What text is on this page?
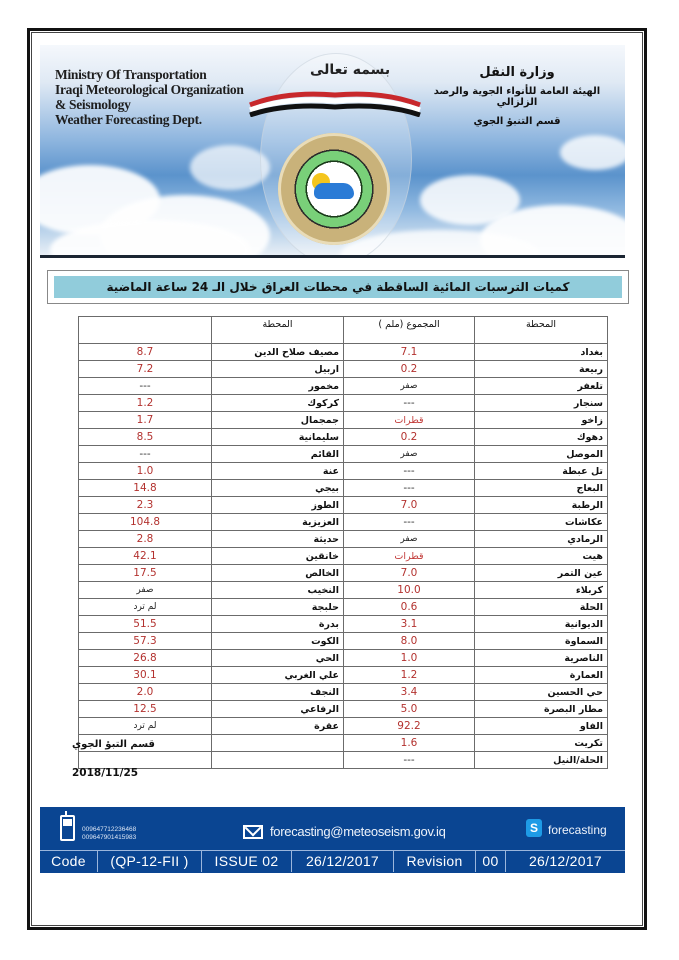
Ministry Of Transportation
Iraqi Meteorological Organization
& Seismology
Weather Forecasting Dept.
بسمه تعالى	وزارة النقل
الهيئة العامة للأنواء الجوية والرصد الزلزالي
قسم التنبؤ الجوي
كميات الترسبات المائية الساقطة في محطات العراق خلال الـ 24 ساعة الماضية
المحطة	المجموع (ملم )	المحطة	
بغداد	7.1	مصيف صلاح الدين	8.7
ربيعة	0.2	اربيل	7.2
تلعفر	صفر	مخمور	---
سنجار	---	كركوك	1.2
زاخو	قطرات	جمجمال	1.7
دهوك	0.2	سليمانية	8.5
الموصل	صفر	القائم	---
تل عبطة	---	عنة	1.0
البعاج	---	بيجي	14.8
الرطبة	7.0	الطوز	2.3
عكاشات	---	العزيزية	104.8
الرمادي	صفر	حديثة	2.8
هيت	قطرات	خانقين	42.1
عين التمر	7.0	الخالص	17.5
كربلاء	10.0	النخيب	صفر
الحلة	0.6	حلبجة	لم ترد
الديوانية	3.1	بدرة	51.5
السماوة	8.0	الكوت	57.3
الناصرية	1.0	الحي	26.8
العمارة	1.2	علي الغربي	30.1
حي الحسين	3.4	النجف	2.0
مطار البصرة	5.0	الرفاعي	12.5
الفاو	92.2	عقرة	لم ترد
تكريت	1.6		
الحلة/النيل	---		
قسم التبؤ الجوي
2018/11/25
009647712236468
009647901415983	forecasting@meteoseism.gov.iq	S forecasting
Code	(QP-12-FII )	ISSUE 02	26/12/2017	Revision	00	26/12/2017
